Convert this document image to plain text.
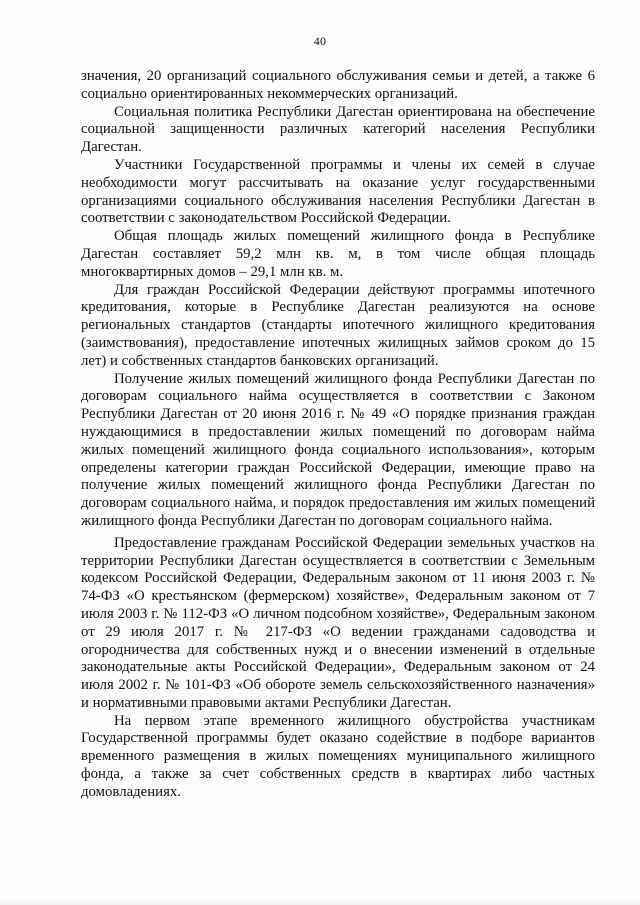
40

значения, 20 организаций социального обслуживания семьи и детей, а также 6 социально ориентированных некоммерческих организаций.

Социальная политика Республики Дагестан ориентирована на обеспечение социальной защищенности различных категорий населения Республики Дагестан.

Участники Государственной программы и члены их семей в случае необходимости могут рассчитывать на оказание услуг государственными организациями социального обслуживания населения Республики Дагестан в соответствии с законодательством Российской Федерации.

Общая площадь жилых помещений жилищного фонда в Республике Дагестан составляет 59,2 млн кв. м, в том числе общая площадь многоквартирных домов – 29,1 млн кв. м.

Для граждан Российской Федерации действуют программы ипотечного кредитования, которые в Республике Дагестан реализуются на основе региональных стандартов (стандарты ипотечного жилищного кредитования (заимствования), предоставление ипотечных жилищных займов сроком до 15 лет) и собственных стандартов банковских организаций.

Получение жилых помещений жилищного фонда Республики Дагестан по договорам социального найма осуществляется в соответствии с Законом Республики Дагестан от 20 июня 2016 г. № 49 «О порядке признания граждан нуждающимися в предоставлении жилых помещений по договорам найма жилых помещений жилищного фонда социального использования», которым определены категории граждан Российской Федерации, имеющие право на получение жилых помещений жилищного фонда Республики Дагестан по договорам социального найма, и порядок предоставления им жилых помещений жилищного фонда Республики Дагестан по договорам социального найма.

Предоставление гражданам Российской Федерации земельных участков на территории Республики Дагестан осуществляется в соответствии с Земельным кодексом Российской Федерации, Федеральным законом от 11 июня 2003 г. № 74-ФЗ «О крестьянском (фермерском) хозяйстве», Федеральным законом от 7 июля 2003 г. № 112-ФЗ «О личном подсобном хозяйстве», Федеральным законом от 29 июля 2017 г. № 217-ФЗ «О ведении гражданами садоводства и огородничества для собственных нужд и о внесении изменений в отдельные законодательные акты Российской Федерации», Федеральным законом от 24 июля 2002 г. № 101-ФЗ «Об обороте земель сельскохозяйственного назначения» и нормативными правовыми актами Республики Дагестан.

На первом этапе временного жилищного обустройства участникам Государственной программы будет оказано содействие в подборе вариантов временного размещения в жилых помещениях муниципального жилищного фонда, а также за счет собственных средств в квартирах либо частных домовладениях.
